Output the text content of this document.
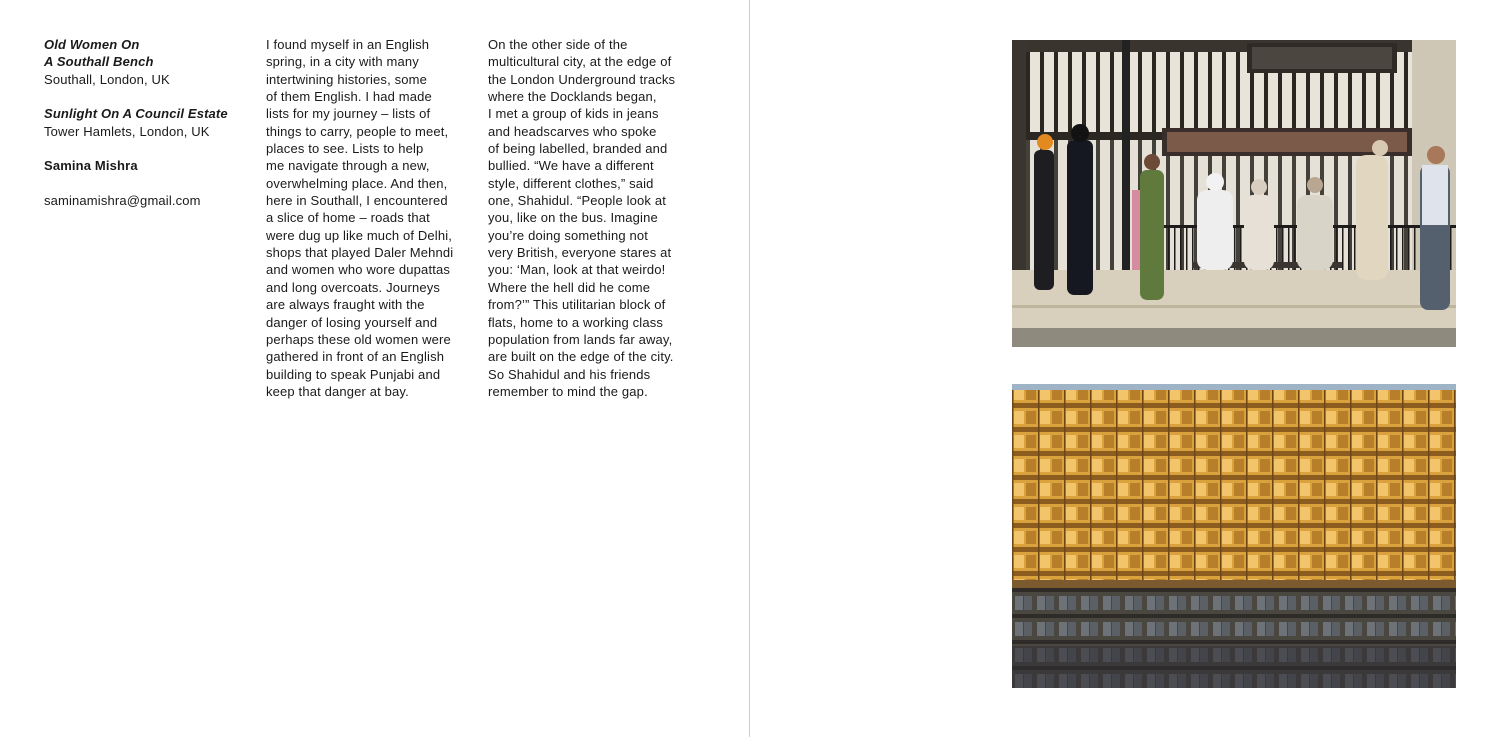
Old Women On
A Southall Bench
Southall, London, UK
Sunlight On A Council Estate
Tower Hamlets, London, UK
Samina Mishra
saminamishra@gmail.com
I found myself in an English
spring, in a city with many
intertwining histories, some
of them English. I had made
lists for my journey – lists of
things to carry, people to meet,
places to see. Lists to help
me navigate through a new,
overwhelming place. And then,
here in Southall, I encountered
a slice of home – roads that
were dug up like much of Delhi,
shops that played Daler Mehndi
and women who wore dupattas
and long overcoats. Journeys
are always fraught with the
danger of losing yourself and
perhaps these old women were
gathered in front of an English
building to speak Punjabi and
keep that danger at bay.
On the other side of the
multicultural city, at the edge of
the London Underground tracks
where the Docklands began,
I met a group of kids in jeans
and headscarves who spoke
of being labelled, branded and
bullied. “We have a different
style, different clothes,” said
one, Shahidul. “People look at
you, like on the bus. Imagine
you’re doing something not
very British, everyone stares at
you: ‘Man, look at that weirdo!
Where the hell did he come
from?’” This utilitarian block of
flats, home to a working class
population from lands far away,
are built on the edge of the city.
So Shahidul and his friends
remember to mind the gap.
